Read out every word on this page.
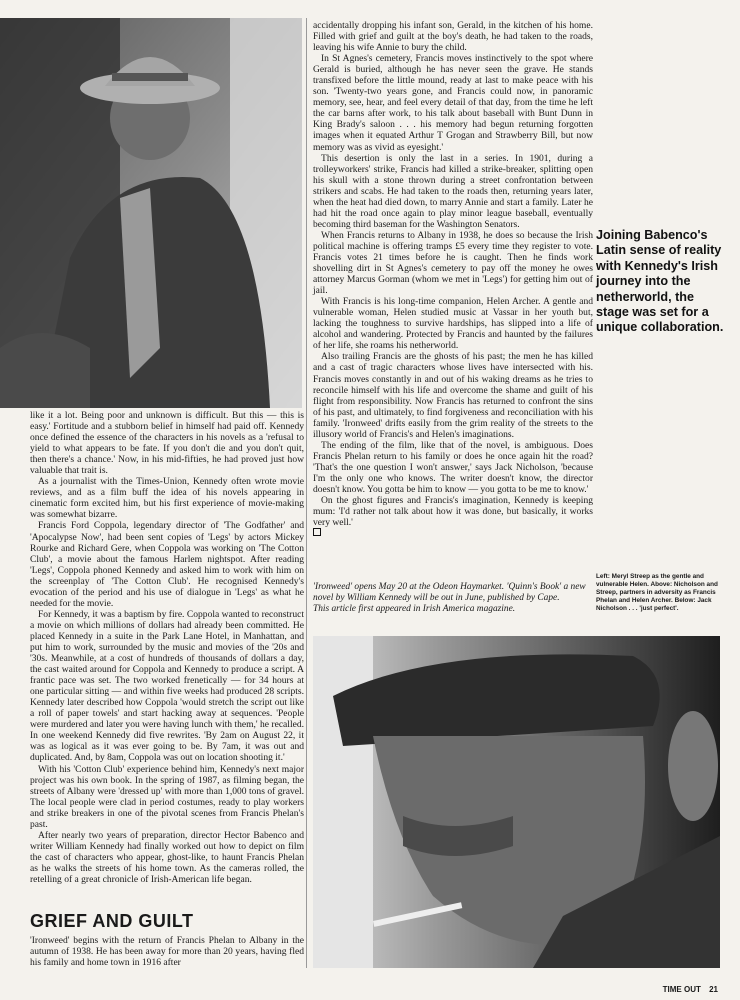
like it a lot. Being poor and unknown is difficult. But this — this is easy.' Fortitude and a stubborn belief in himself had paid off. Kennedy once defined the essence of the characters in his novels as a 'refusal to yield to what appears to be fate. If you don't die and you don't quit, then there's a chance.' Now, in his mid-fifties, he had proved just how valuable that trait is.

As a journalist with the Times-Union, Kennedy often wrote movie reviews, and as a film buff the idea of his novels appearing in cinematic form excited him, but his first experience of movie-making was somewhat bizarre.

Francis Ford Coppola, legendary director of 'The Godfather' and 'Apocalypse Now', had been sent copies of 'Legs' by actors Mickey Rourke and Richard Gere, when Coppola was working on 'The Cotton Club', a movie about the famous Harlem nightspot. After reading 'Legs', Coppola phoned Kennedy and asked him to work with him on the screenplay of 'The Cotton Club'. He recognised Kennedy's evocation of the period and his use of dialogue in 'Legs' as what he needed for the movie.

For Kennedy, it was a baptism by fire. Coppola wanted to reconstruct a movie on which millions of dollars had already been committed. He placed Kennedy in a suite in the Park Lane Hotel, in Manhattan, and put him to work, surrounded by the music and movies of the '20s and '30s. Meanwhile, at a cost of hundreds of thousands of dollars a day, the cast waited around for Coppola and Kennedy to produce a script. A frantic pace was set. The two worked frenetically — for 34 hours at one particular sitting — and within five weeks had produced 28 scripts. Kennedy later described how Coppola 'would stretch the script out like a roll of paper towels' and start hacking away at sequences. 'People were murdered and later you were having lunch with them,' he recalled. In one weekend Kennedy did five rewrites. 'By 2am on August 22, it was as logical as it was ever going to be. By 7am, it was out and duplicated. And, by 8am, Coppola was out on location shooting it.'

With his 'Cotton Club' experience behind him, Kennedy's next major project was his own book. In the spring of 1987, as filming began, the streets of Albany were 'dressed up' with more than 1,000 tons of gravel. The local people were clad in period costumes, ready to play workers and strike breakers in one of the pivotal scenes from Francis Phelan's past.

After nearly two years of preparation, director Hector Babenco and writer William Kennedy had finally worked out how to depict on film the cast of characters who appear, ghost-like, to haunt Francis Phelan as he walks the streets of his home town. As the cameras rolled, the retelling of a great chronicle of Irish-American life began.

GRIEF AND GUILT

'Ironweed' begins with the return of Francis Phelan to Albany in the autumn of 1938. He has been away for more than 20 years, having fled his family and home town in 1916 after

accidentally dropping his infant son, Gerald, in the kitchen of his home. Filled with grief and guilt at the boy's death, he had taken to the roads, leaving his wife Annie to bury the child.

In St Agnes's cemetery, Francis moves instinctively to the spot where Gerald is buried, although he has never seen the grave. He stands transfixed before the little mound, ready at last to make peace with his son. 'Twenty-two years gone, and Francis could now, in panoramic memory, see, hear, and feel every detail of that day, from the time he left the car barns after work, to his talk about baseball with Bunt Dunn in King Brady's saloon . . . his memory had begun returning forgotten images when it equated Arthur T Grogan and Strawberry Bill, but now memory was as vivid as eyesight.'

This desertion is only the last in a series. In 1901, during a trolleyworkers' strike, Francis had killed a strike-breaker, splitting open his skull with a stone thrown during a street confrontation between strikers and scabs. He had taken to the roads then, returning years later, when the heat had died down, to marry Annie and start a family. Later he had hit the road once again to play minor league baseball, eventually becoming third baseman for the Washington Senators.

When Francis returns to Albany in 1938, he does so because the Irish political machine is offering tramps £5 every time they register to vote. Francis votes 21 times before he is caught. Then he finds work shovelling dirt in St Agnes's cemetery to pay off the money he owes attorney Marcus Gorman (whom we met in 'Legs') for getting him out of jail.

With Francis is his long-time companion, Helen Archer. A gentle and vulnerable woman, Helen studied music at Vassar in her youth but, lacking the toughness to survive hardships, has slipped into a life of alcohol and wandering. Protected by Francis and haunted by the failures of her life, she roams his netherworld.

Also trailing Francis are the ghosts of his past; the men he has killed and a cast of tragic characters whose lives have intersected with his. Francis moves constantly in and out of his waking dreams as he tries to reconcile himself with his life and overcome the shame and guilt of his flight from responsibility. Now Francis has returned to confront the sins of his past, and ultimately, to find forgiveness and reconciliation with his family. 'Ironweed' drifts easily from the grim reality of the streets to the illusory world of Francis's and Helen's imaginations.

The ending of the film, like that of the novel, is ambiguous. Does Francis Phelan return to his family or does he once again hit the road? 'That's the one question I won't answer,' says Jack Nicholson, 'because I'm the only one who knows. The writer doesn't know, the director doesn't know. You gotta be him to know — you gotta to be me to know.'

On the ghost figures and Francis's imagination, Kennedy is keeping mum: 'I'd rather not talk about how it was done, but basically, it works very well.'

'Ironweed' opens May 20 at the Odeon Haymarket. 'Quinn's Book' a new novel by William Kennedy will be out in June, published by Cape.
This article first appeared in Irish America magazine.
Joining Babenco's Latin sense of reality with Kennedy's Irish journey into the netherworld, the stage was set for a unique collaboration.
Left: Meryl Streep as the gentle and vulnerable Helen. Above: Nicholson and Streep, partners in adversity as Francis Phelan and Helen Archer. Below: Jack Nicholson . . . 'just perfect'.
TIME OUT 21
